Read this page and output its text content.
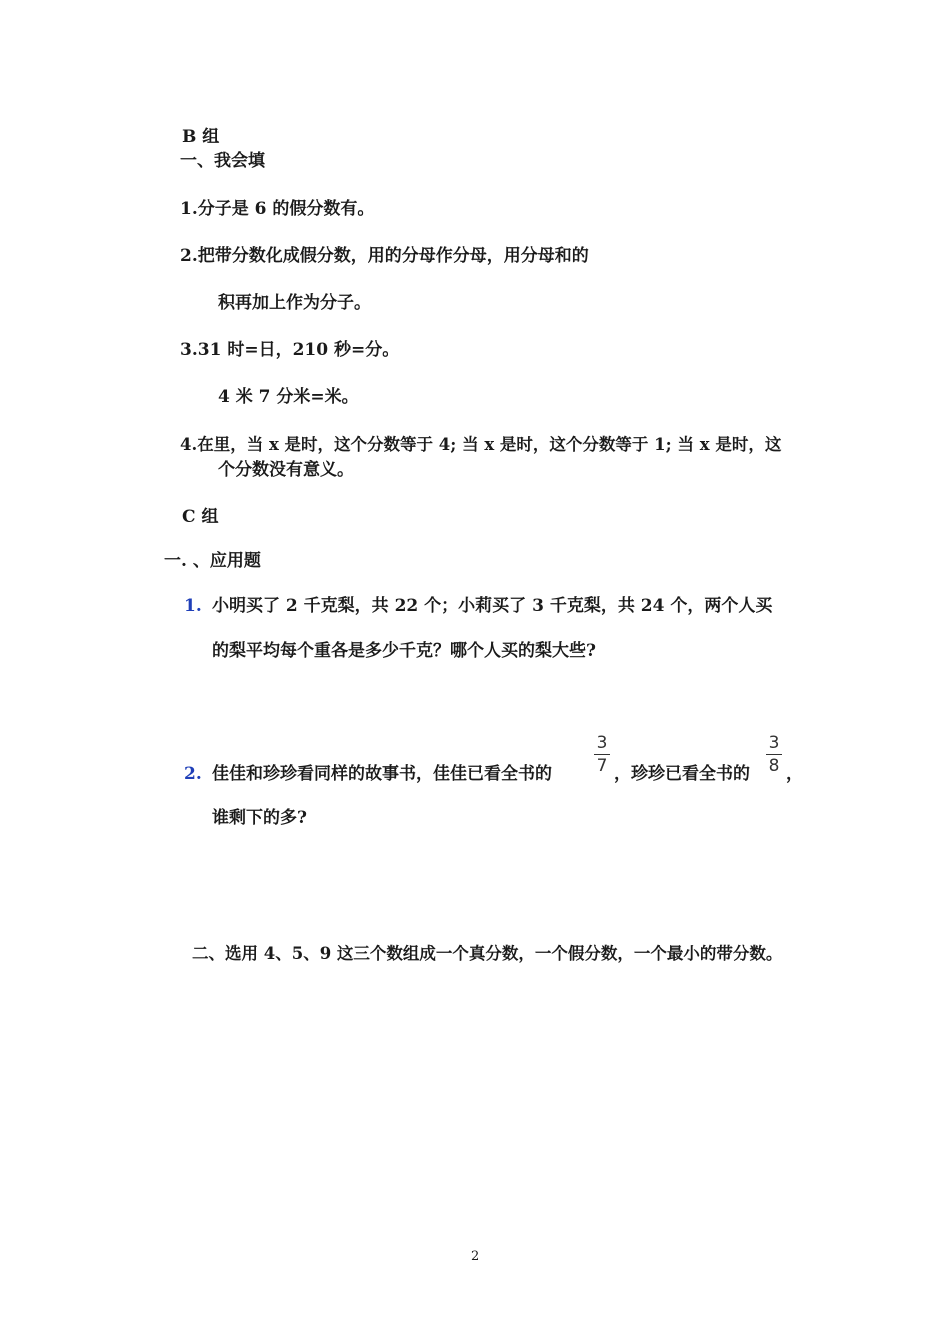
B 组
一、我会填
1.分子是 6 的假分数有。
2.把带分数化成假分数，用的分母作分母，用分母和的
积再加上作为分子。
3.31 时=日，210 秒=分。
4 米 7 分米=米。
4.在里，当 x 是时，这个分数等于 4; 当 x 是时，这个分数等于 1; 当 x 是时，这
个分数没有意义。
C 组
一. 、应用题
1. 小明买了 2 千克梨，共 22 个；小莉买了 3 千克梨，共 24 个，两个人买
的梨平均每个重各是多少千克？哪个人买的梨大些?
2. 佳佳和珍珍看同样的故事书，佳佳已看全书的
3
7 ，珍珍已看全书的
3
8 ，
谁剩下的多?
二、选用 4、5、9 这三个数组成一个真分数，一个假分数，一个最小的带分数。
2
